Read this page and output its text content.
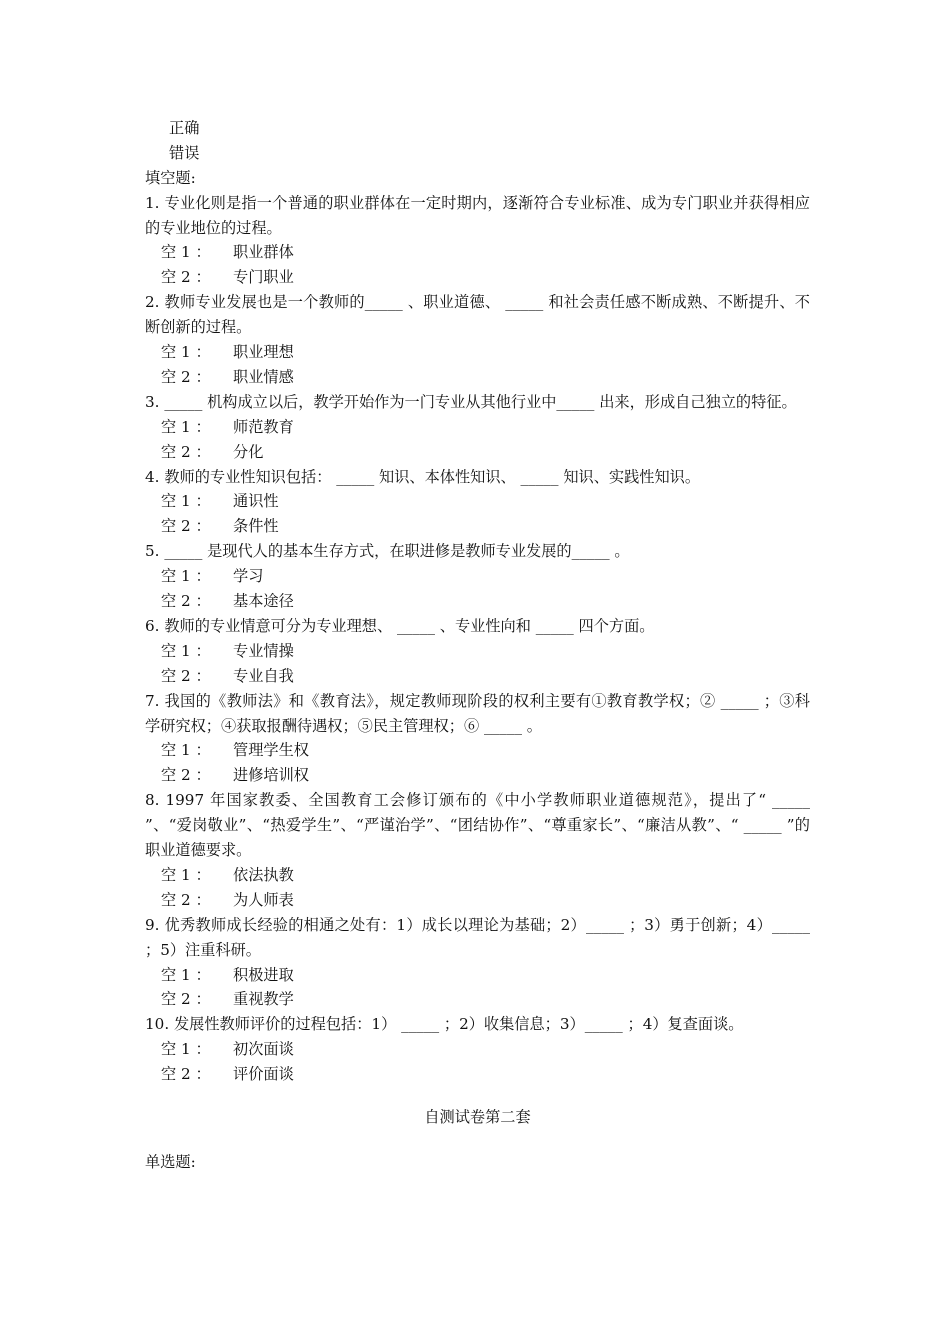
正确
错误
填空题:
1. 专业化则是指一个普通的职业群体在一定时期内，逐渐符合专业标准、成为专门职业并获得相应的专业地位的过程。
空 1 ： 职业群体
空 2 ： 专门职业
2. 教师专业发展也是一个教师的_____ 、职业道德、 _____ 和社会责任感不断成熟、不断提升、不断创新的过程。
空 1 ： 职业理想
空 2 ： 职业情感
3. _____ 机构成立以后，教学开始作为一门专业从其他行业中_____ 出来，形成自己独立的特征。
空 1 ： 师范教育
空 2 ： 分化
4. 教师的专业性知识包括： _____ 知识、本体性知识、 _____ 知识、实践性知识。
空 1 ： 通识性
空 2 ： 条件性
5. _____ 是现代人的基本生存方式，在职进修是教师专业发展的_____ 。
空 1 ： 学习
空 2 ： 基本途径
6. 教师的专业情意可分为专业理想、 _____ 、专业性向和 _____ 四个方面。
空 1 ： 专业情操
空 2 ： 专业自我
7. 我国的《教师法》和《教育法》，规定教师现阶段的权利主要有①教育教学权；② _____ ；③科学研究权；④获取报酬待遇权；⑤民主管理权；⑥ _____ 。
空 1 ： 管理学生权
空 2 ： 进修培训权
8. 1997 年国家教委、全国教育工会修订颁布的《中小学教师职业道德规范》，提出了“ _____ ”、“爱岗敬业”、“热爱学生”、“严谨治学”、“团结协作”、“尊重家长”、“廉洁从教”、“ _____ ”的职业道德要求。
空 1 ： 依法执教
空 2 ： 为人师表
9. 优秀教师成长经验的相通之处有：1）成长以理论为基础；2）_____ ；3）勇于创新；4）_____ ；5）注重科研。
空 1 ： 积极进取
空 2 ： 重视教学
10. 发展性教师评价的过程包括：1） _____ ；2）收集信息；3）_____ ；4）复查面谈。
空 1 ： 初次面谈
空 2 ： 评价面谈
自测试卷第二套
单选题:
